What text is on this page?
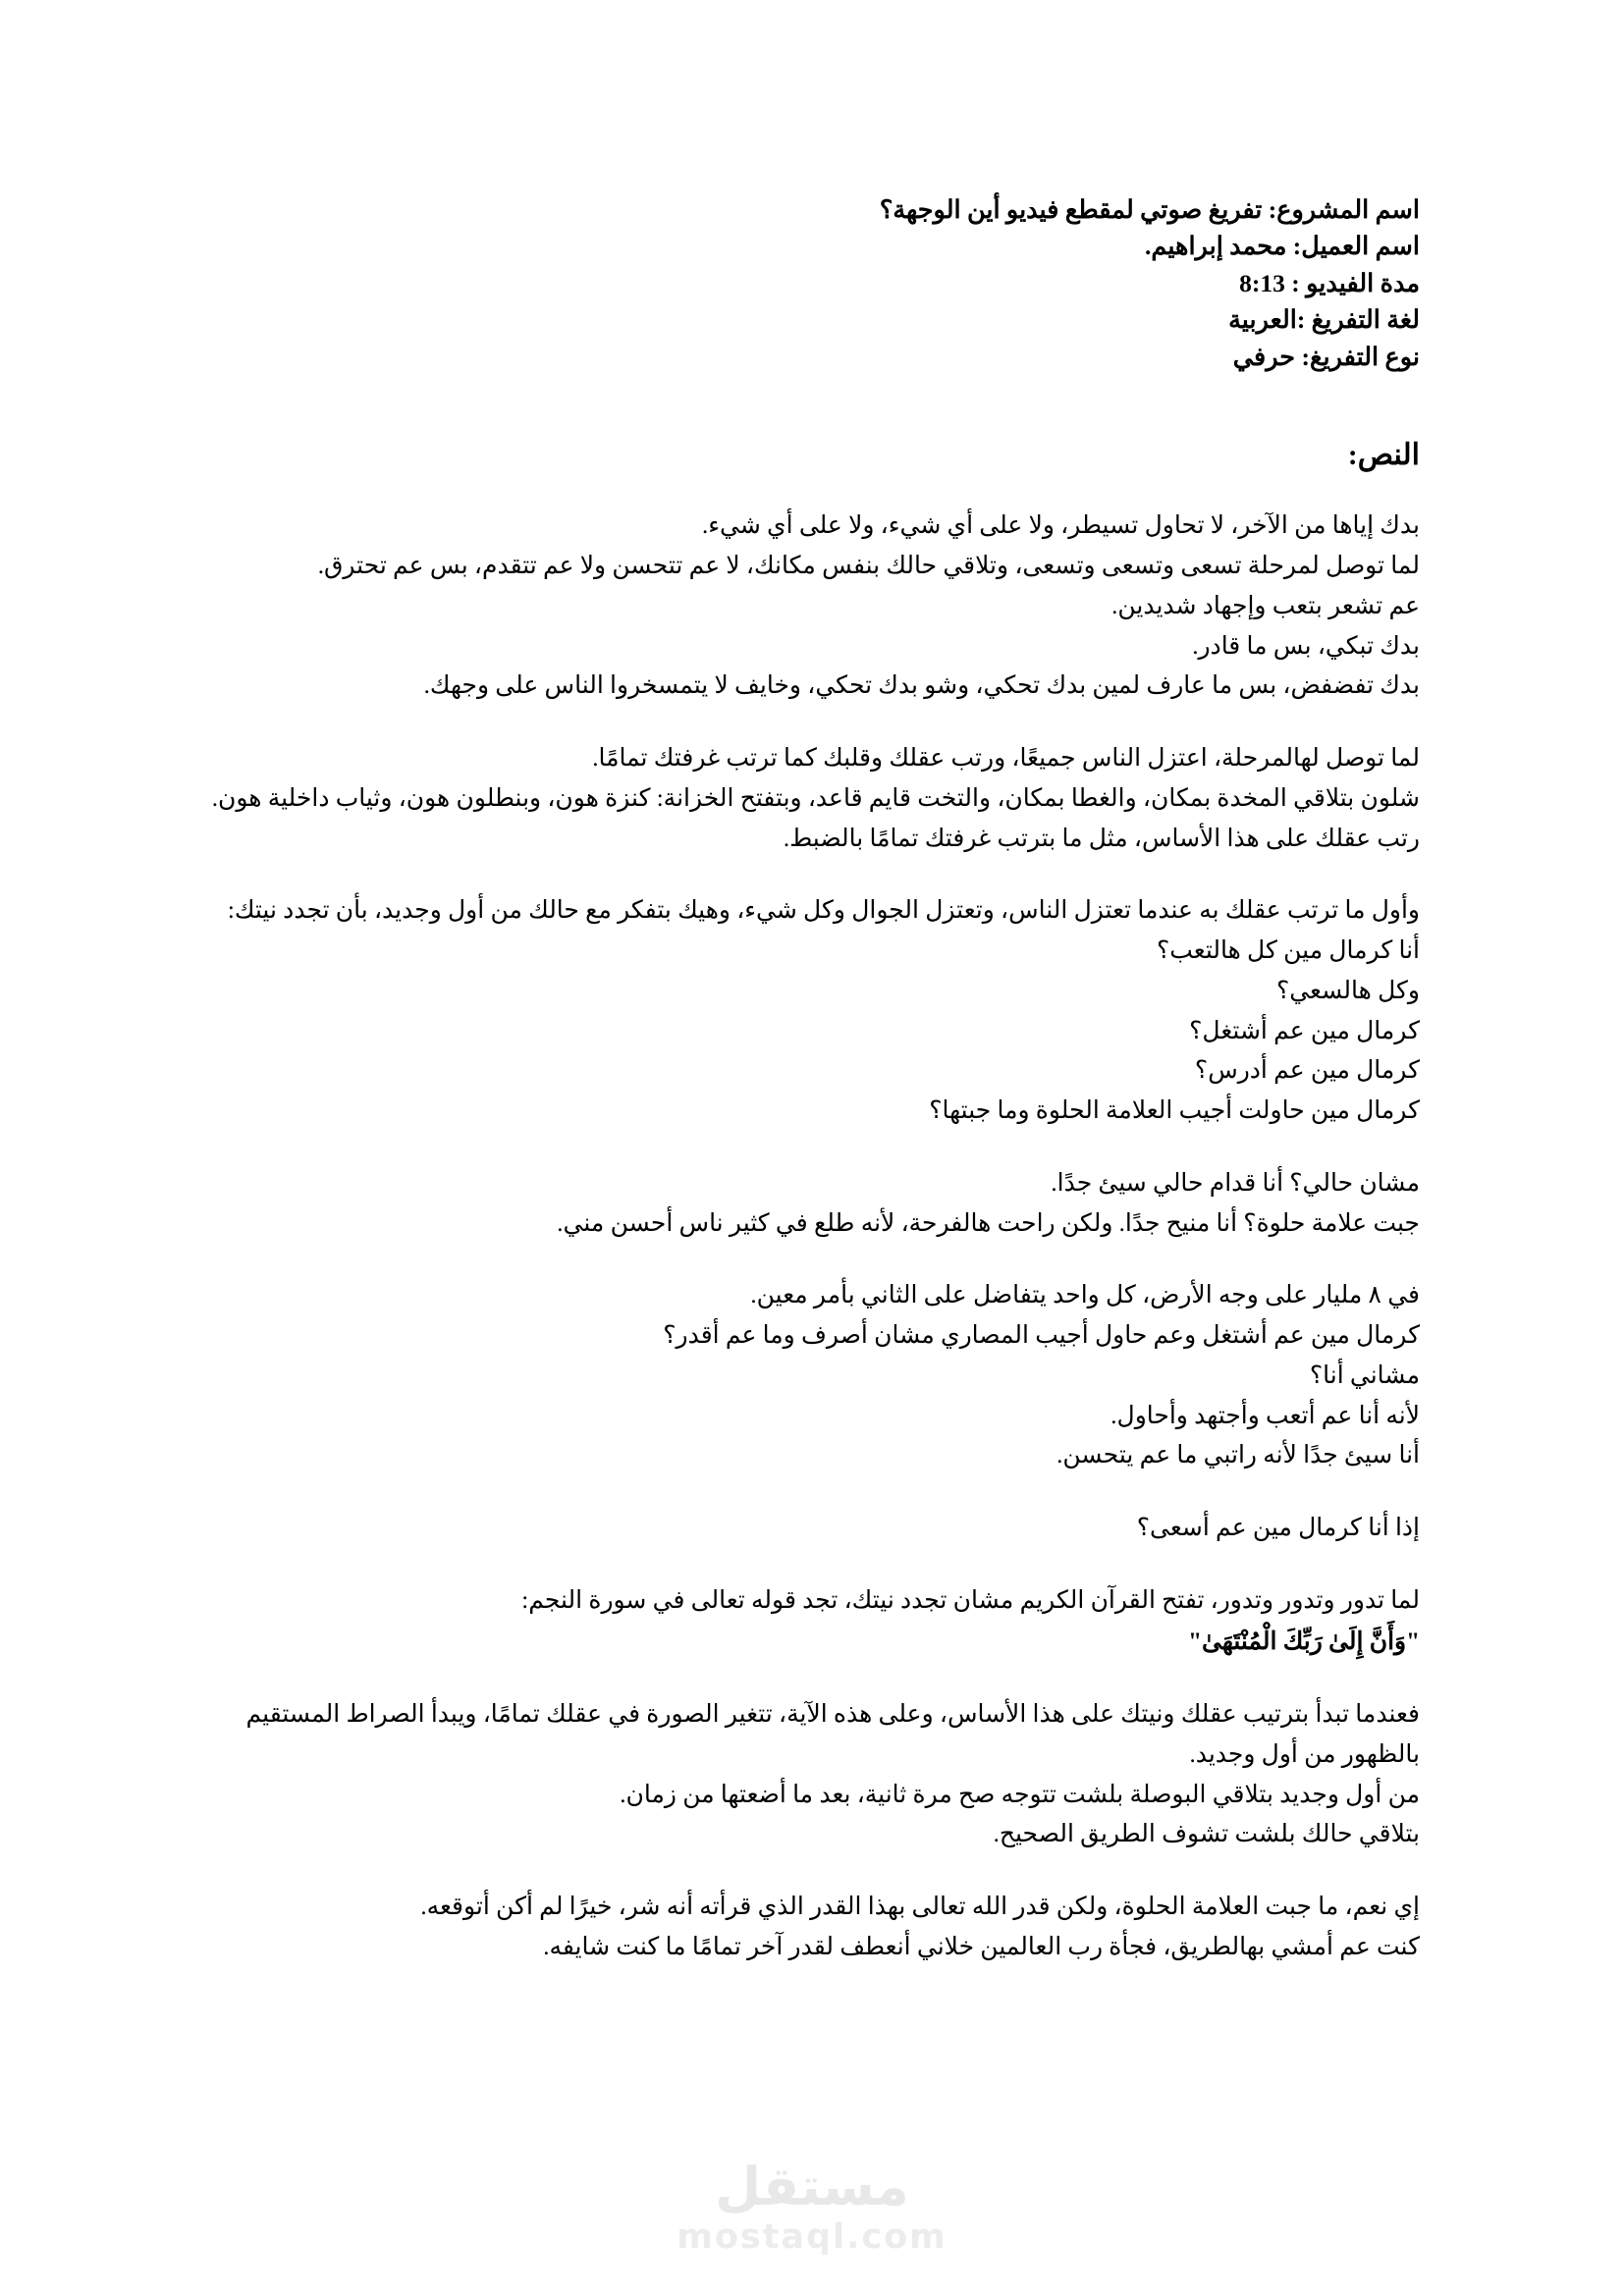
اسم المشروع: تفريغ صوتي لمقطع فيديو أين الوجهة؟
اسم العميل: محمد إبراهيم.
مدة الفيديو : 8:13
لغة التفريغ :العربية
نوع التفريغ: حرفي
النص:

بدك إياها من الآخر، لا تحاول تسيطر، ولا على أي شيء، ولا على أي شيء.

لما توصل لمرحلة تسعى وتسعى وتسعى، وتلاقي حالك بنفس مكانك، لا عم تتحسن ولا عم تتقدم، بس عم تحترق.

عم تشعر بتعب وإجهاد شديدين.

بدك تبكي، بس ما قادر.

بدك تفضفض، بس ما عارف لمين بدك تحكي، وشو بدك تحكي، وخايف لا يتمسخروا الناس على وجهك.

لما توصل لهالمرحلة، اعتزل الناس جميعًا، ورتب عقلك وقلبك كما ترتب غرفتك تمامًا.

شلون بتلاقي المخدة بمكان، والغطا بمكان، والتخت قايم قاعد، وبتفتح الخزانة: كنزة هون، وبنطلون هون، وثياب داخلية هون.

رتب عقلك على هذا الأساس، مثل ما بترتب غرفتك تمامًا بالضبط.

وأول ما ترتب عقلك به عندما تعتزل الناس، وتعتزل الجوال وكل شيء، وهيك بتفكر مع حالك من أول وجديد، بأن تجدد نيتك:

أنا كرمال مين كل هالتعب؟

وكل هالسعي؟

كرمال مين عم أشتغل؟

كرمال مين عم أدرس؟

كرمال مين حاولت أجيب العلامة الحلوة وما جبتها؟

مشان حالي؟ أنا قدام حالي سيئ جدًا.

جبت علامة حلوة؟ أنا منيح جدًا. ولكن راحت هالفرحة، لأنه طلع في كثير ناس أحسن مني.

في ٨ مليار على وجه الأرض، كل واحد يتفاضل على الثاني بأمر معين.

كرمال مين عم أشتغل وعم حاول أجيب المصاري مشان أصرف وما عم أقدر؟

مشاني أنا؟

لأنه أنا عم أتعب وأجتهد وأحاول.

أنا سيئ جدًا لأنه راتبي ما عم يتحسن.

إذا أنا كرمال مين عم أسعى؟

لما تدور وتدور وتدور، تفتح القرآن الكريم مشان تجدد نيتك، تجد قوله تعالى في سورة النجم:

"وَأَنَّ إِلَىٰ رَبِّكَ الْمُنْتَهَىٰ"

فعندما تبدأ بترتيب عقلك ونيتك على هذا الأساس، وعلى هذه الآية، تتغير الصورة في عقلك تمامًا، ويبدأ الصراط المستقيم بالظهور من أول وجديد.

من أول وجديد بتلاقي البوصلة بلشت تتوجه صح مرة ثانية، بعد ما أضعتها من زمان.

بتلاقي حالك بلشت تشوف الطريق الصحيح.

إي نعم، ما جبت العلامة الحلوة، ولكن قدر الله تعالى بهذا القدر الذي قرأته أنه شر، خيرًا لم أكن أتوقعه.

كنت عم أمشي بهالطريق، فجأة رب العالمين خلاني أنعطف لقدر آخر تمامًا ما كنت شايفه.

مستقل
mostaql.com
